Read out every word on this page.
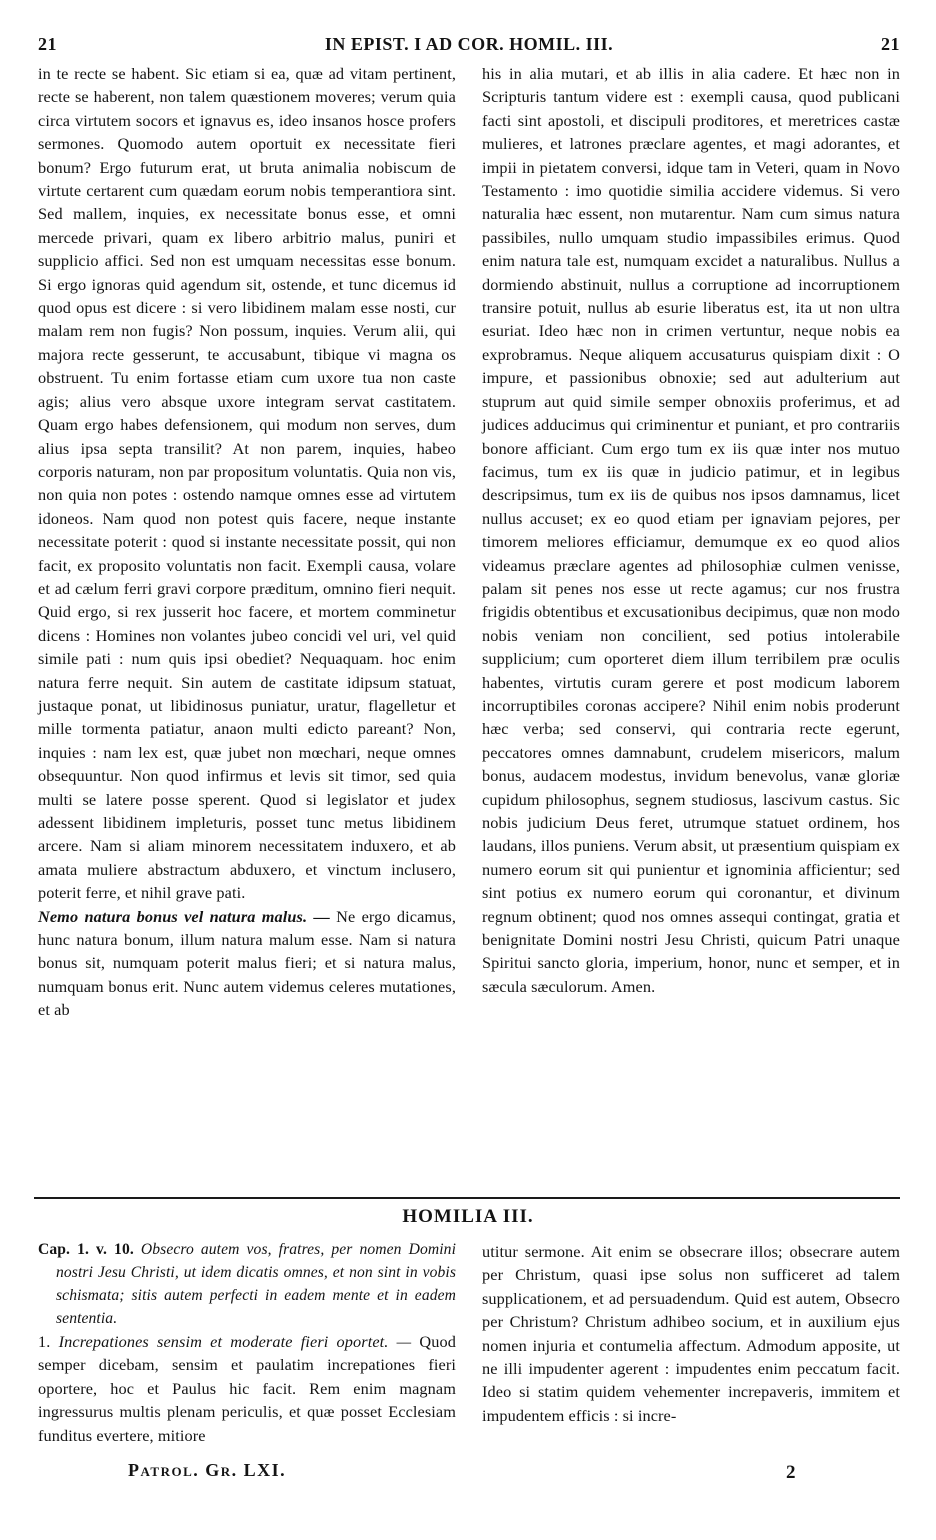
21	IN EPIST. I AD COR. HOMIL. III.	21

in te recte se habent. Sic etiam si ea, quæ ad vitam pertinent, recte se haberent, non talem quæstionem moveres; verum quia circa virtutem socors et ignavus es, ideo insanos hosce profers sermones. Quomodo autem oportuit ex necessitate fieri bonum? Ergo futurum erat, ut bruta animalia nobiscum de virtute certarent cum quædam eorum nobis temperantiora sint. Sed mallem, inquies, ex necessitate bonus esse, et omni mercede privari, quam ex libero arbitrio malus, puniri et supplicio affici. Sed non est umquam necessitas esse bonum. Si ergo ignoras quid agendum sit, ostende, et tunc dicemus id quod opus est dicere : si vero libidinem malam esse nosti, cur malam rem non fugis? Non possum, inquies. Verum alii, qui majora recte gesserunt, te accusabunt, tibique vi magna os obstruent. Tu enim fortasse etiam cum uxore tua non caste agis; alius vero absque uxore integram servat castitatem. Quam ergo habes defensionem, qui modum non serves, dum alius ipsa septa transilit? At non parem, inquies, habeo corporis naturam, non par propositum voluntatis. Quia non vis, non quia non potes : ostendo namque omnes esse ad virtutem idoneos. Nam quod non potest quis facere, neque instante necessitate poterit : quod si instante necessitate possit, qui non facit, ex proposito voluntatis non facit. Exempli causa, volare et ad cælum ferri gravi corpore præditum, omnino fieri nequit. Quid ergo, si rex jusserit hoc facere, et mortem comminetur dicens : Homines non volantes jubeo concidi vel uri, vel quid simile pati : num quis ipsi obediet? Nequaquam. hoc enim natura ferre nequit. Sin autem de castitate idipsum statuat, justaque ponat, ut libidinosus puniatur, uratur, flagelletur et mille tormenta patiatur, anaon multi edicto pareant? Non, inquies : nam lex est, quæ jubet non mœchari, neque omnes obsequuntur. Non quod infirmus et levis sit timor, sed quia multi se latere posse sperent. Quod si legislator et judex adessent libidinem impleturis, posset tunc metus libidinem arcere. Nam si aliam minorem necessitatem induxero, et ab amata muliere abstractum abduxero, et vinctum inclusero, poterit ferre, et nihil grave pati.

Nemo natura bonus vel natura malus. — Ne ergo dicamus, hunc natura bonum, illum natura malum esse. Nam si natura bonus sit, numquam poterit malus fieri; et si natura malus, numquam bonus erit. Nunc autem videmus celeres mutationes, et ab

his in alia mutari, et ab illis in alia cadere. Et hæc non in Scripturis tantum videre est : exempli causa, quod publicani facti sint apostoli, et discipuli proditores, et meretrices castæ mulieres, et latrones præclare agentes, et magi adorantes, et impii in pietatem conversi, idque tam in Veteri, quam in Novo Testamento : imo quotidie similia accidere videmus. Si vero naturalia hæc essent, non mutarentur. Nam cum simus natura passibiles, nullo umquam studio impassibiles erimus. Quod enim natura tale est, numquam excidet a naturalibus. Nullus a dormiendo abstinuit, nullus a corruptione ad incorruptionem transire potuit, nullus ab esurie liberatus est, ita ut non ultra esuriat. Ideo hæc non in crimen vertuntur, neque nobis ea exprobramus. Neque aliquem accusaturus quispiam dixit : O impure, et passionibus obnoxie; sed aut adulterium aut stuprum aut quid simile semper obnoxiis proferimus, et ad judices adducimus qui criminentur et puniant, et pro contrariis bonore afficiant. Cum ergo tum ex iis quæ inter nos mutuo facimus, tum ex iis quæ in judicio patimur, et in legibus descripsimus, tum ex iis de quibus nos ipsos damnamus, licet nullus accuset; ex eo quod etiam per ignaviam pejores, per timorem meliores efficiamur, demumque ex eo quod alios videamus præclare agentes ad philosophiæ culmen venisse, palam sit penes nos esse ut recte agamus; cur nos frustra frigidis obtentibus et excusationibus decipimus, quæ non modo nobis veniam non concilient, sed potius intolerabile supplicium; cum oporteret diem illum terribilem præ oculis habentes, virtutis curam gerere et post modicum laborem incorruptibiles coronas accipere? Nihil enim nobis proderunt hæc verba; sed conservi, qui contraria recte egerunt, peccatores omnes damnabunt, crudelem misericors, malum bonus, audacem modestus, invidum benevolus, vanæ gloriæ cupidum philosophus, segnem studiosus, lascivum castus. Sic nobis judicium Deus feret, utrumque statuet ordinem, hos laudans, illos puniens. Verum absit, ut præsentium quispiam ex numero eorum sit qui punientur et ignominia afficientur; sed sint potius ex numero eorum qui coronantur, et divinum regnum obtinent; quod nos omnes assequi contingat, gratia et benignitate Domini nostri Jesu Christi, quicum Patri unaque Spiritui sancto gloria, imperium, honor, nunc et semper, et in sæcula sæculorum. Amen.

HOMILIA III.

Cap. 1. v. 10. Obsecro autem vos, fratres, per nomen Domini nostri Jesu Christi, ut idem dicatis omnes, et non sint in vobis schismata; sitis autem perfecti in eadem mente et in eadem sententia.

1. Increpationes sensim et moderate fieri oportet. — Quod semper dicebam, sensim et paulatim increpationes fieri oportere, hoc et Paulus hic facit. Rem enim magnam ingressurus multis plenam periculis, et quæ posset Ecclesiam funditus evertere, mitiore

utitur sermone. Ait enim se obsecrare illos; obsecrare autem per Christum, quasi ipse solus non sufficeret ad talem supplicationem, et ad persuadendum. Quid est autem, Obsecro per Christum? Christum adhibeo socium, et in auxilium ejus nomen injuria et contumelia affectum. Admodum apposite, ut ne illi impudenter agerent : impudentes enim peccatum facit. Ideo si statim quidem vehementer increpaveris, immitem et impudentem efficis : si incre-

Patrol. Gr. LXI.	2
